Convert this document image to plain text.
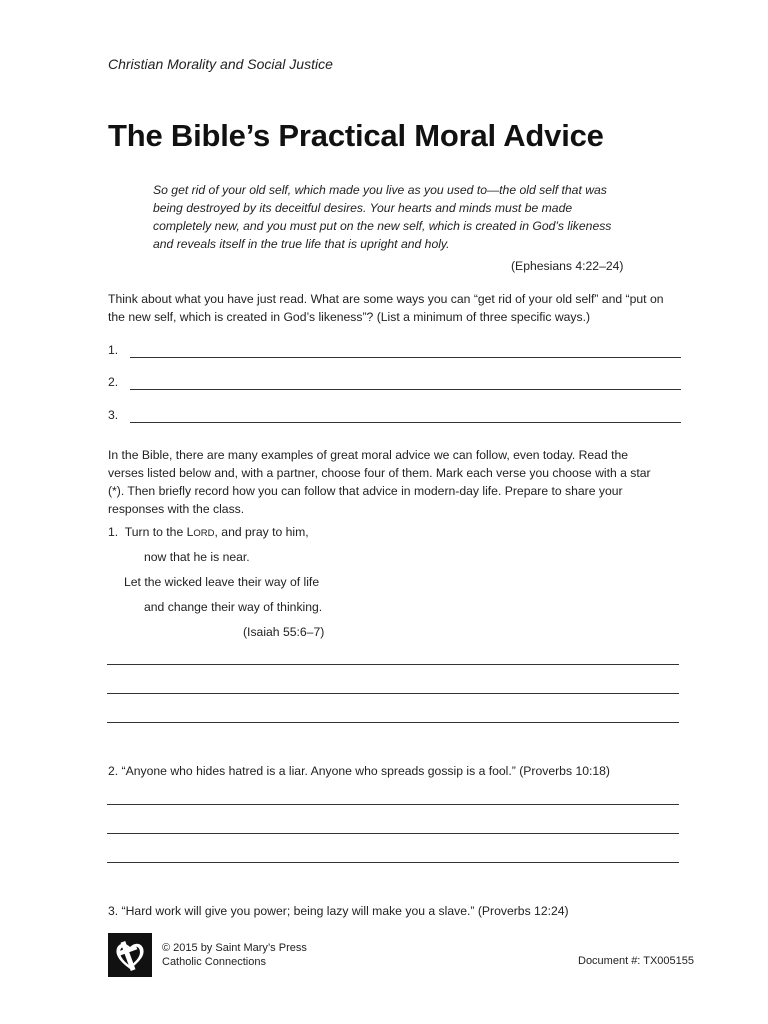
Christian Morality and Social Justice
The Bible’s Practical Moral Advice
So get rid of your old self, which made you live as you used to—the old self that was
being destroyed by its deceitful desires. Your hearts and minds must be made
completely new, and you must put on the new self, which is created in God’s likeness
and reveals itself in the true life that is upright and holy.
(Ephesians 4:22–24)
Think about what you have just read. What are some ways you can “get rid of your old self” and “put on
the new self, which is created in God’s likeness”? (List a minimum of three specific ways.)
1.
2.
3.
In the Bible, there are many examples of great moral advice we can follow, even today. Read the
verses listed below and, with a partner, choose four of them. Mark each verse you choose with a star
(*). Then briefly record how you can follow that advice in modern-day life. Prepare to share your
responses with the class.
1. Turn to the LORD, and pray to him,
now that he is near.
Let the wicked leave their way of life
and change their way of thinking.
(Isaiah 55:6–7)
2. “Anyone who hides hatred is a liar. Anyone who spreads gossip is a fool.” (Proverbs 10:18)
3. “Hard work will give you power; being lazy will make you a slave.” (Proverbs 12:24)
© 2015 by Saint Mary’s Press
Catholic Connections	Document #: TX005155
